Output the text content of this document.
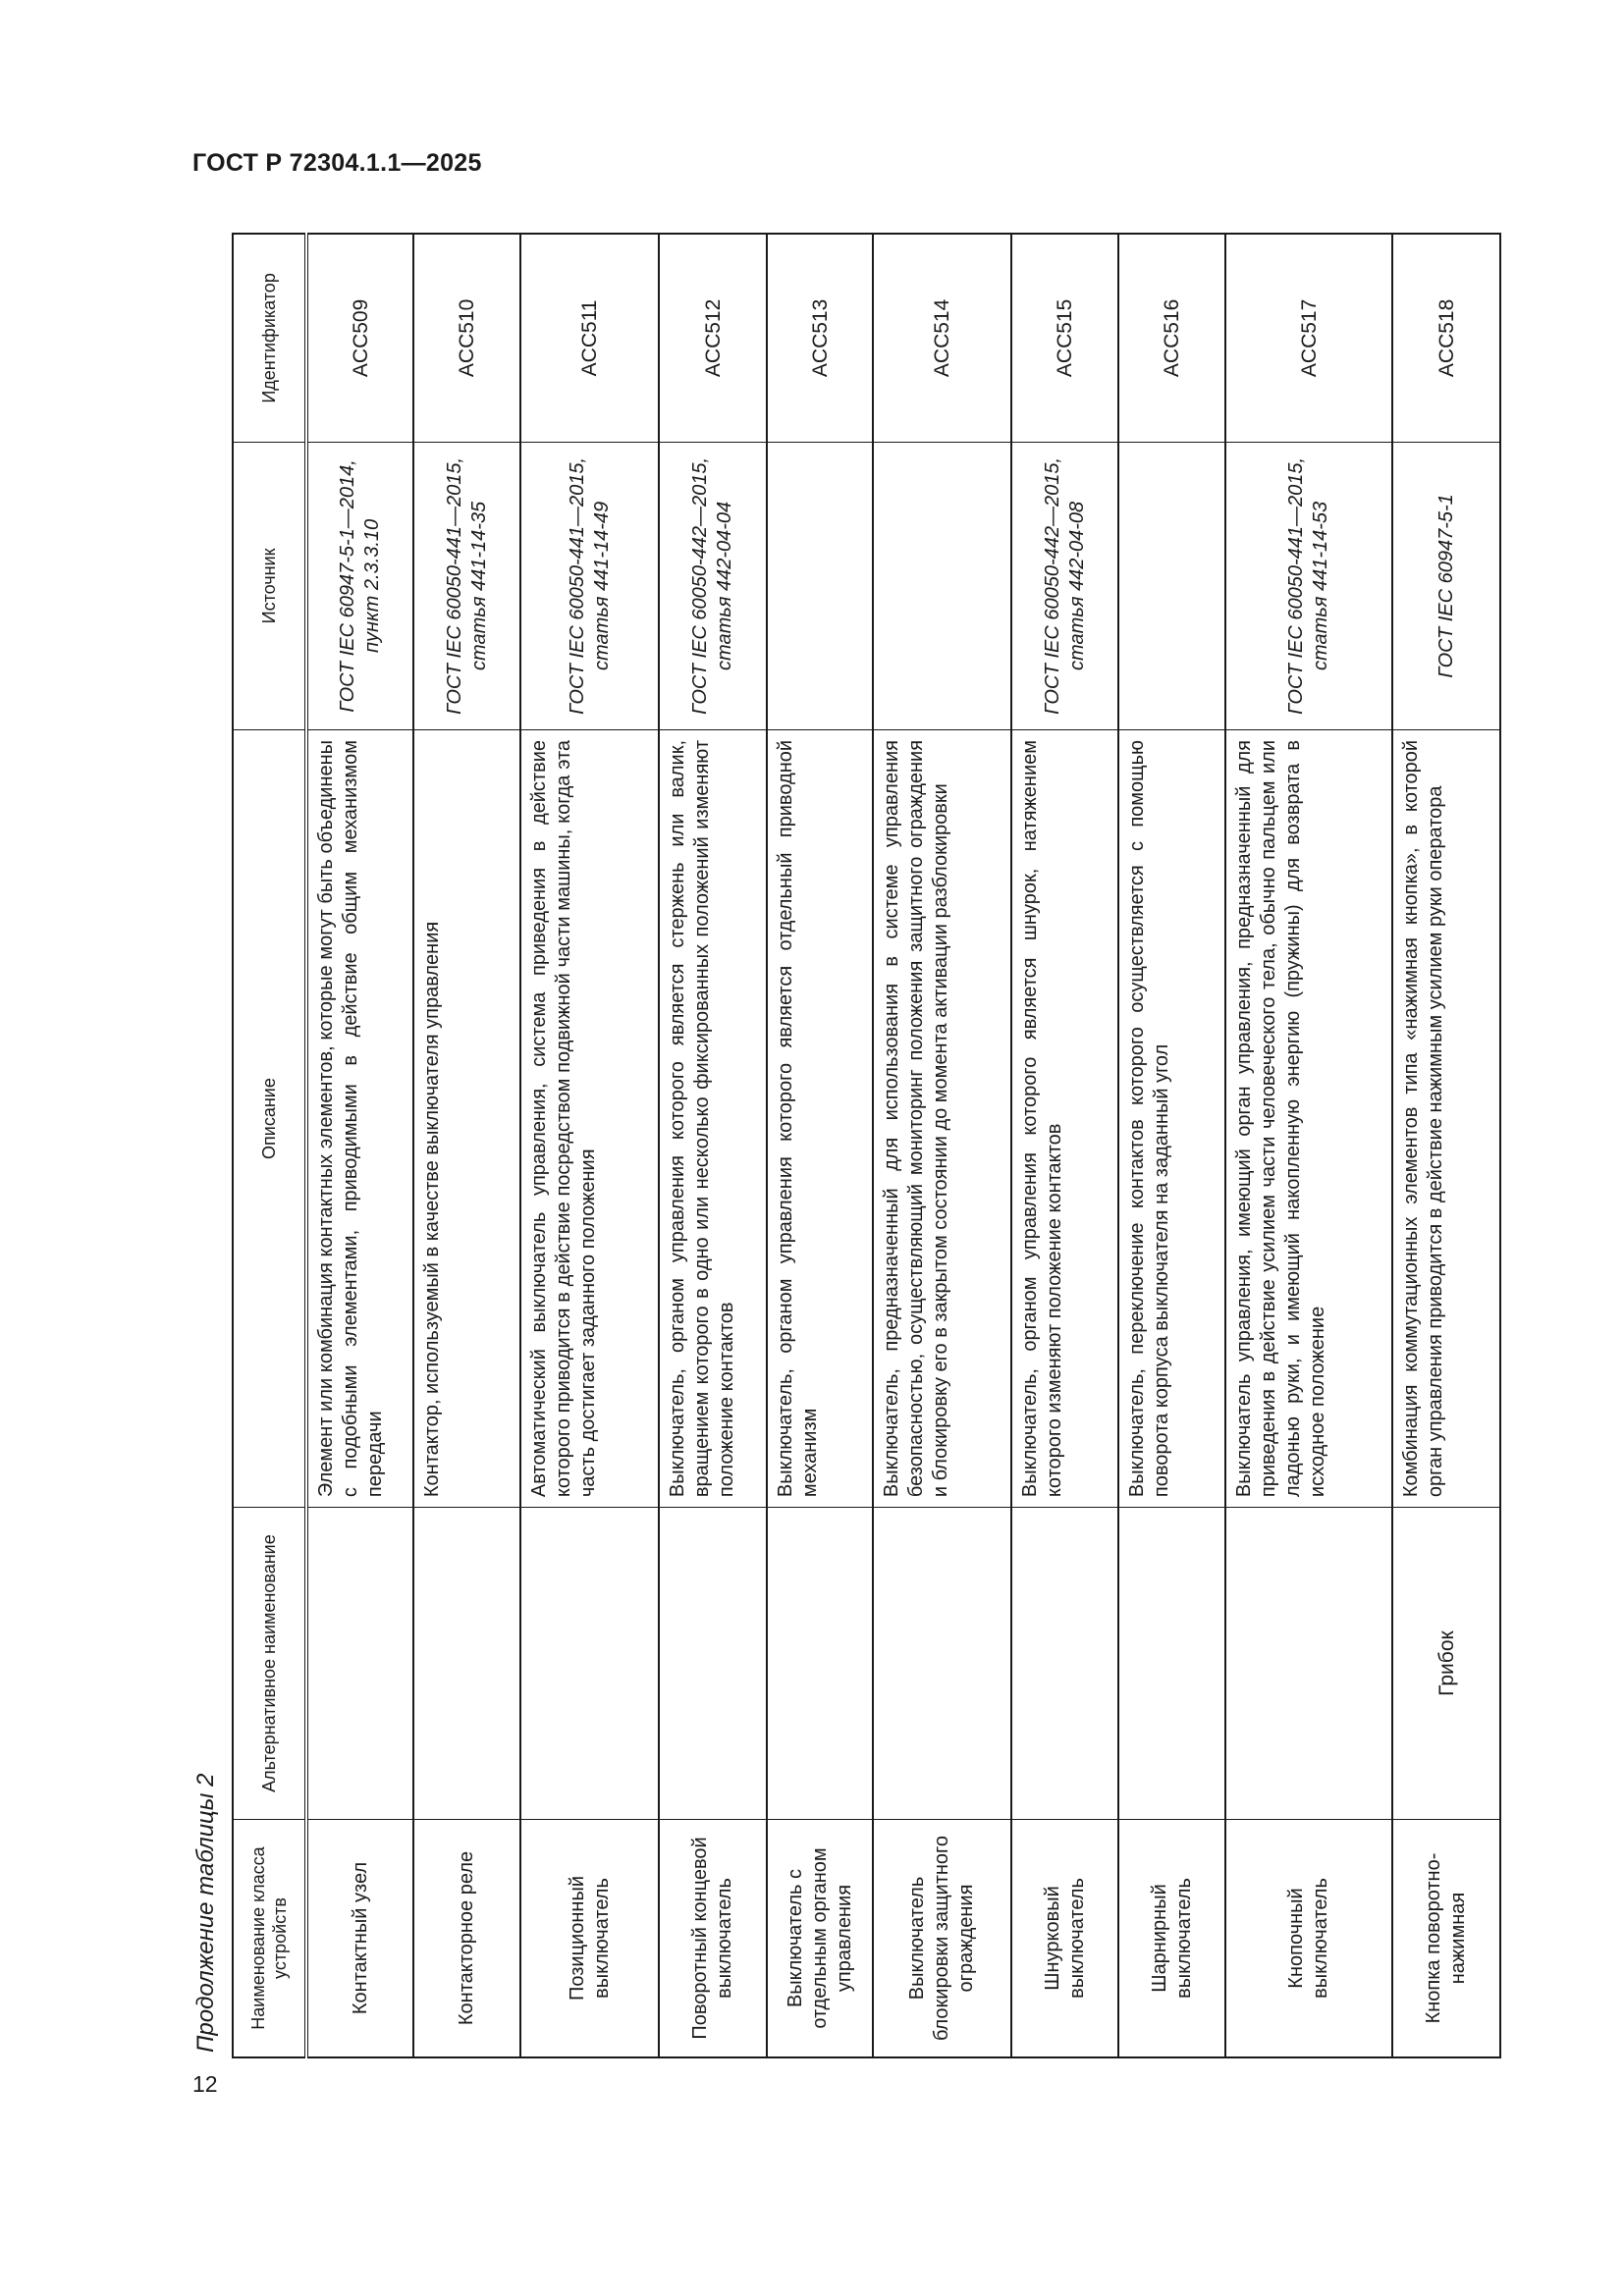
ГОСТ Р 72304.1.1—2025
12
Продолжение таблицы 2	Наименование класса устройств	Альтернативное наименование	Описание	Источник	Идентификатор
Контактный узел		Элемент или комбинация контактных элементов, которые могут быть объединены с подобными элементами, приводимыми в действие общим механизмом передачи	ГОСТ IEC 60947-5-1—2014, пункт 2.3.3.10	ACC509
Контакторное реле		Контактор, используемый в качестве выключателя управления	ГОСТ IEC 60050-441—2015, статья 441-14-35	ACC510
Позиционный выключатель		Автоматический выключатель управления, система приведения в действие которого приводится в действие посредством подвижной части машины, когда эта часть достигает заданного положения	ГОСТ IEC 60050-441—2015, статья 441-14-49	ACC511
Поворотный концевой выключатель		Выключатель, органом управления которого является стержень или валик, вращением которого в одно или несколько фиксированных положений изменяют положение контактов	ГОСТ IEC 60050-442—2015, статья 442-04-04	ACC512
Выключатель с отдельным органом управления		Выключатель, органом управления которого является отдельный приводной механизм		ACC513
Выключатель блокировки защитного ограждения		Выключатель, предназначенный для использования в системе управления безопасностью, осуществляющий мониторинг положения защитного ограждения и блокировку его в закрытом состоянии до момента активации разблокировки		ACC514
Шнурковый выключатель		Выключатель, органом управления которого является шнурок, натяжением которого изменяют положение контактов	ГОСТ IEC 60050-442—2015, статья 442-04-08	ACC515
Шарнирный выключатель		Выключатель, переключение контактов которого осуществляется с помощью поворота корпуса выключателя на заданный угол		ACC516
Кнопочный выключатель		Выключатель управления, имеющий орган управления, предназначенный для приведения в действие усилием части человеческого тела, обычно пальцем или ладонью руки, и имеющий накопленную энергию (пружины) для возврата в исходное положение	ГОСТ IEC 60050-441—2015, статья 441-14-53	ACC517
Кнопка поворотно-нажимная	Грибок	Комбинация коммутационных элементов типа «нажимная кнопка», в которой орган управления приводится в действие нажимным усилием руки оператора	ГОСТ IEC 60947-5-1	ACC518
